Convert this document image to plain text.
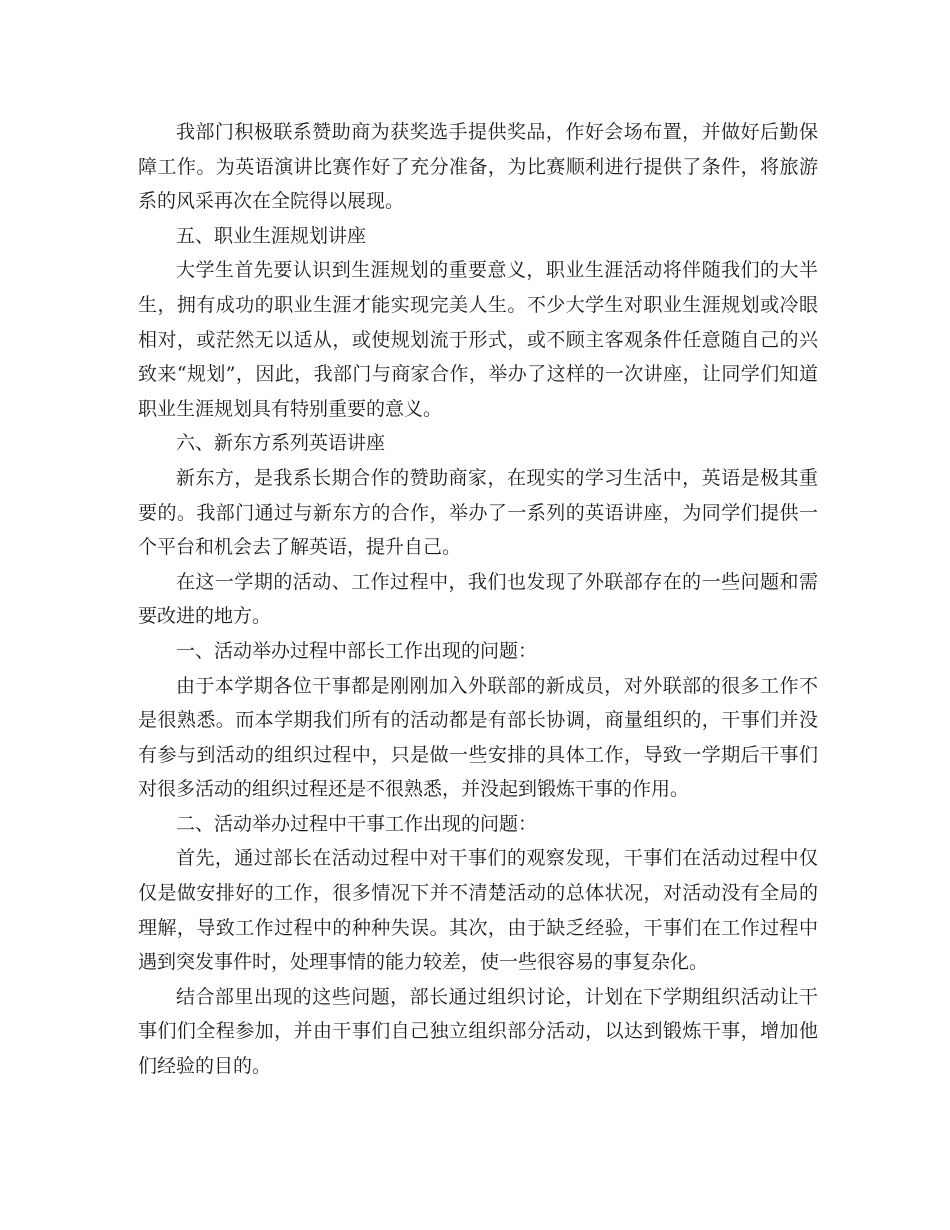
我部门积极联系赞助商为获奖选手提供奖品，作好会场布置，并做好后勤保障工作。为英语演讲比赛作好了充分准备，为比赛顺利进行提供了条件，将旅游系的风采再次在全院得以展现。

五、职业生涯规划讲座

大学生首先要认识到生涯规划的重要意义，职业生涯活动将伴随我们的大半生，拥有成功的职业生涯才能实现完美人生。不少大学生对职业生涯规划或冷眼相对，或茫然无以适从，或使规划流于形式，或不顾主客观条件任意随自己的兴致来“规划”，因此，我部门与商家合作，举办了这样的一次讲座，让同学们知道职业生涯规划具有特别重要的意义。

六、新东方系列英语讲座

新东方，是我系长期合作的赞助商家，在现实的学习生活中，英语是极其重要的。我部门通过与新东方的合作，举办了一系列的英语讲座，为同学们提供一个平台和机会去了解英语，提升自己。

在这一学期的活动、工作过程中，我们也发现了外联部存在的一些问题和需要改进的地方。

一、活动举办过程中部长工作出现的问题：

由于本学期各位干事都是刚刚加入外联部的新成员，对外联部的很多工作不是很熟悉。而本学期我们所有的活动都是有部长协调，商量组织的，干事们并没有参与到活动的组织过程中，只是做一些安排的具体工作，导致一学期后干事们对很多活动的组织过程还是不很熟悉，并没起到锻炼干事的作用。

二、活动举办过程中干事工作出现的问题：

首先，通过部长在活动过程中对干事们的观察发现，干事们在活动过程中仅仅是做安排好的工作，很多情况下并不清楚活动的总体状况，对活动没有全局的理解，导致工作过程中的种种失误。其次，由于缺乏经验，干事们在工作过程中遇到突发事件时，处理事情的能力较差，使一些很容易的事复杂化。

结合部里出现的这些问题，部长通过组织讨论，计划在下学期组织活动让干事们们全程参加，并由干事们自己独立组织部分活动，以达到锻炼干事，增加他们经验的目的。
